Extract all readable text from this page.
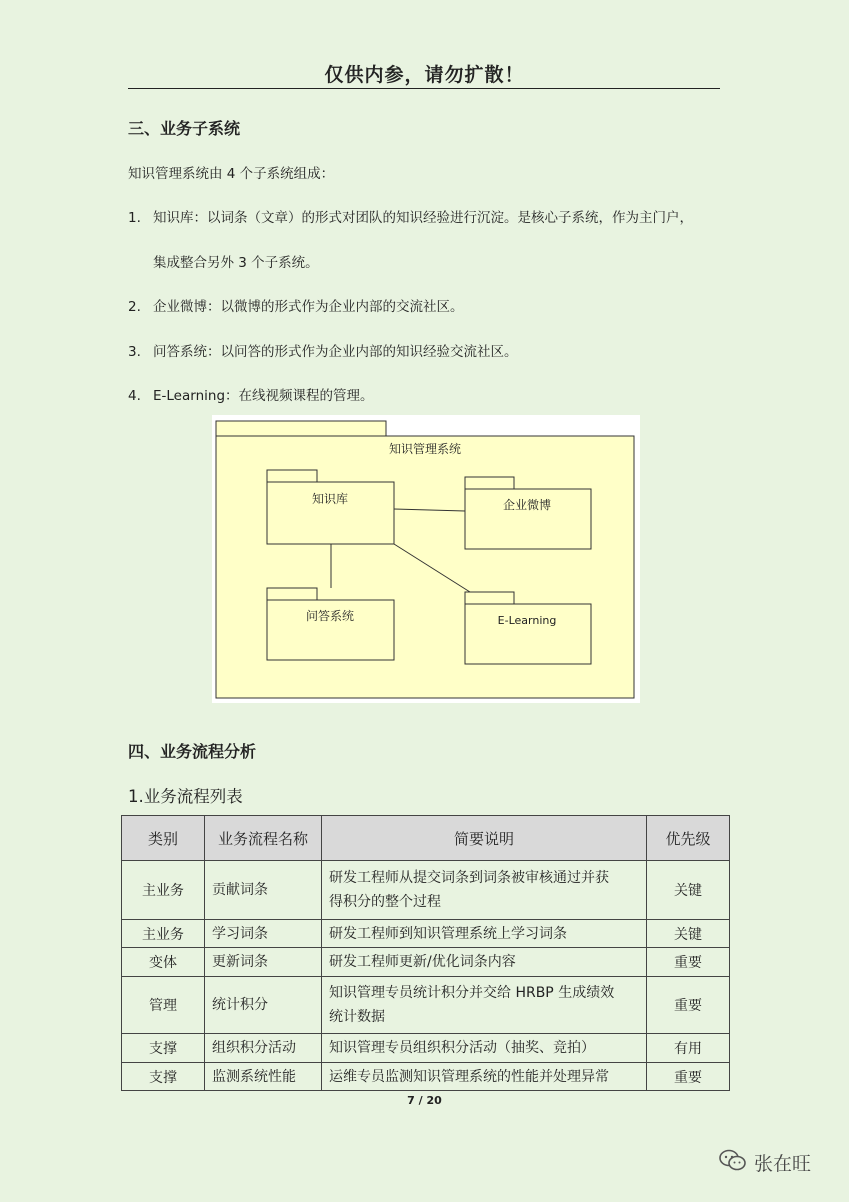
仅供内参，请勿扩散！
三、业务子系统
知识管理系统由 4 个子系统组成：
1. 知识库：以词条（文章）的形式对团队的知识经验进行沉淀。是核心子系统，作为主门户，
集成整合另外 3 个子系统。
2. 企业微博：以微博的形式作为企业内部的交流社区。
3. 问答系统：以问答的形式作为企业内部的知识经验交流社区。
4. E-Learning：在线视频课程的管理。
知识管理系统
知识库	企业微博
问答系统	E-Learning
四、业务流程分析
1.业务流程列表
类别	业务流程名称	简要说明	优先级
主业务	贡献词条	研发工程师从提交词条到词条被审核通过并获
得积分的整个过程	关键
主业务	学习词条	研发工程师到知识管理系统上学习词条	关键
变体	更新词条	研发工程师更新/优化词条内容	重要
管理	统计积分	知识管理专员统计积分并交给 HRBP 生成绩效
统计数据	重要
支撑	组织积分活动	知识管理专员组织积分活动（抽奖、竞拍）	有用
支撑	监测系统性能	运维专员监测知识管理系统的性能并处理异常	重要
7 / 20
张在旺
